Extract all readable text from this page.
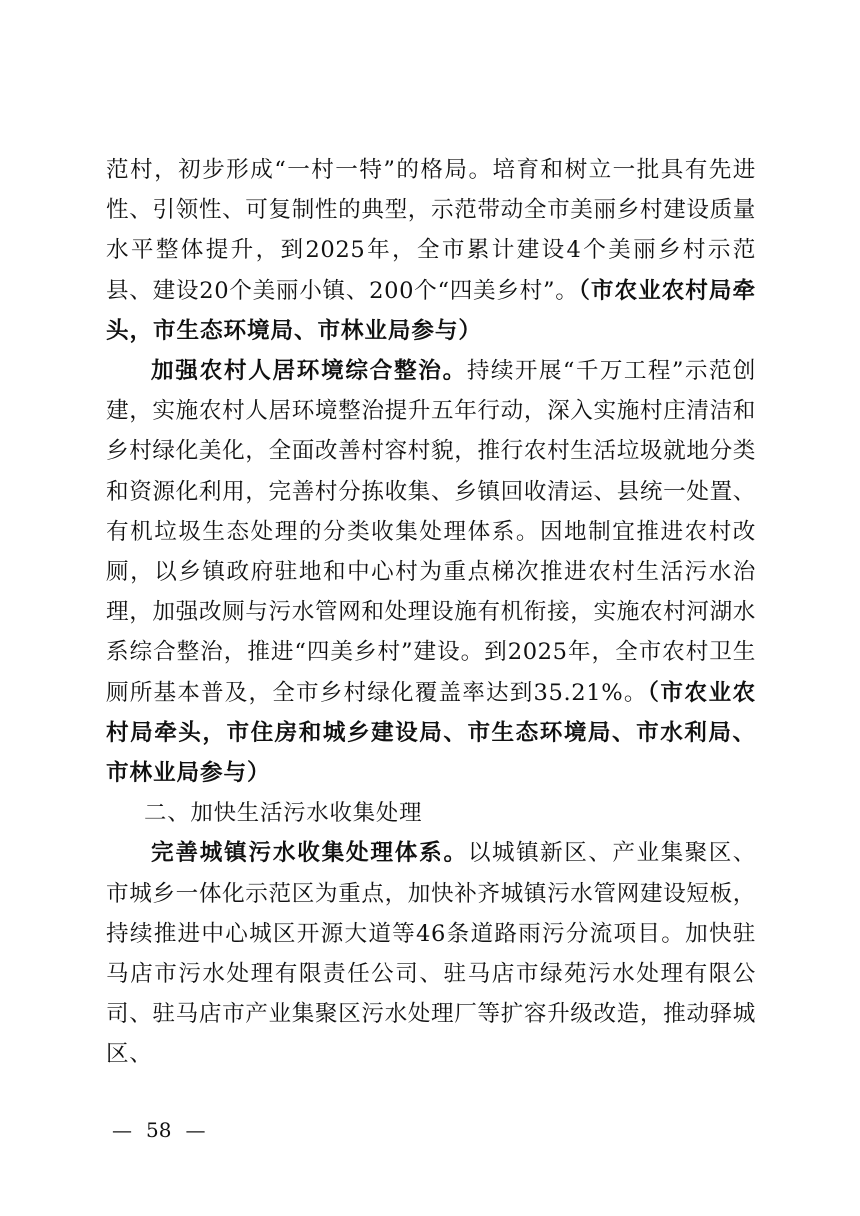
范村，初步形成“一村一特”的格局。培育和树立一批具有先进性、引领性、可复制性的典型，示范带动全市美丽乡村建设质量水平整体提升，到2025年，全市累计建设4个美丽乡村示范县、建设20个美丽小镇、200个“四美乡村”。（市农业农村局牵头，市生态环境局、市林业局参与）

加强农村人居环境综合整治。持续开展“千万工程”示范创建，实施农村人居环境整治提升五年行动，深入实施村庄清洁和乡村绿化美化，全面改善村容村貌，推行农村生活垃圾就地分类和资源化利用，完善村分拣收集、乡镇回收清运、县统一处置、有机垃圾生态处理的分类收集处理体系。因地制宜推进农村改厕，以乡镇政府驻地和中心村为重点梯次推进农村生活污水治理，加强改厕与污水管网和处理设施有机衔接，实施农村河湖水系综合整治，推进“四美乡村”建设。到2025年，全市农村卫生厕所基本普及，全市乡村绿化覆盖率达到35.21%。（市农业农村局牵头，市住房和城乡建设局、市生态环境局、市水利局、市林业局参与）

二、加快生活污水收集处理

完善城镇污水收集处理体系。以城镇新区、产业集聚区、市城乡一体化示范区为重点，加快补齐城镇污水管网建设短板，持续推进中心城区开源大道等46条道路雨污分流项目。加快驻马店市污水处理有限责任公司、驻马店市绿苑污水处理有限公司、驻马店市产业集聚区污水处理厂等扩容升级改造，推动驿城区、

— 58 —
